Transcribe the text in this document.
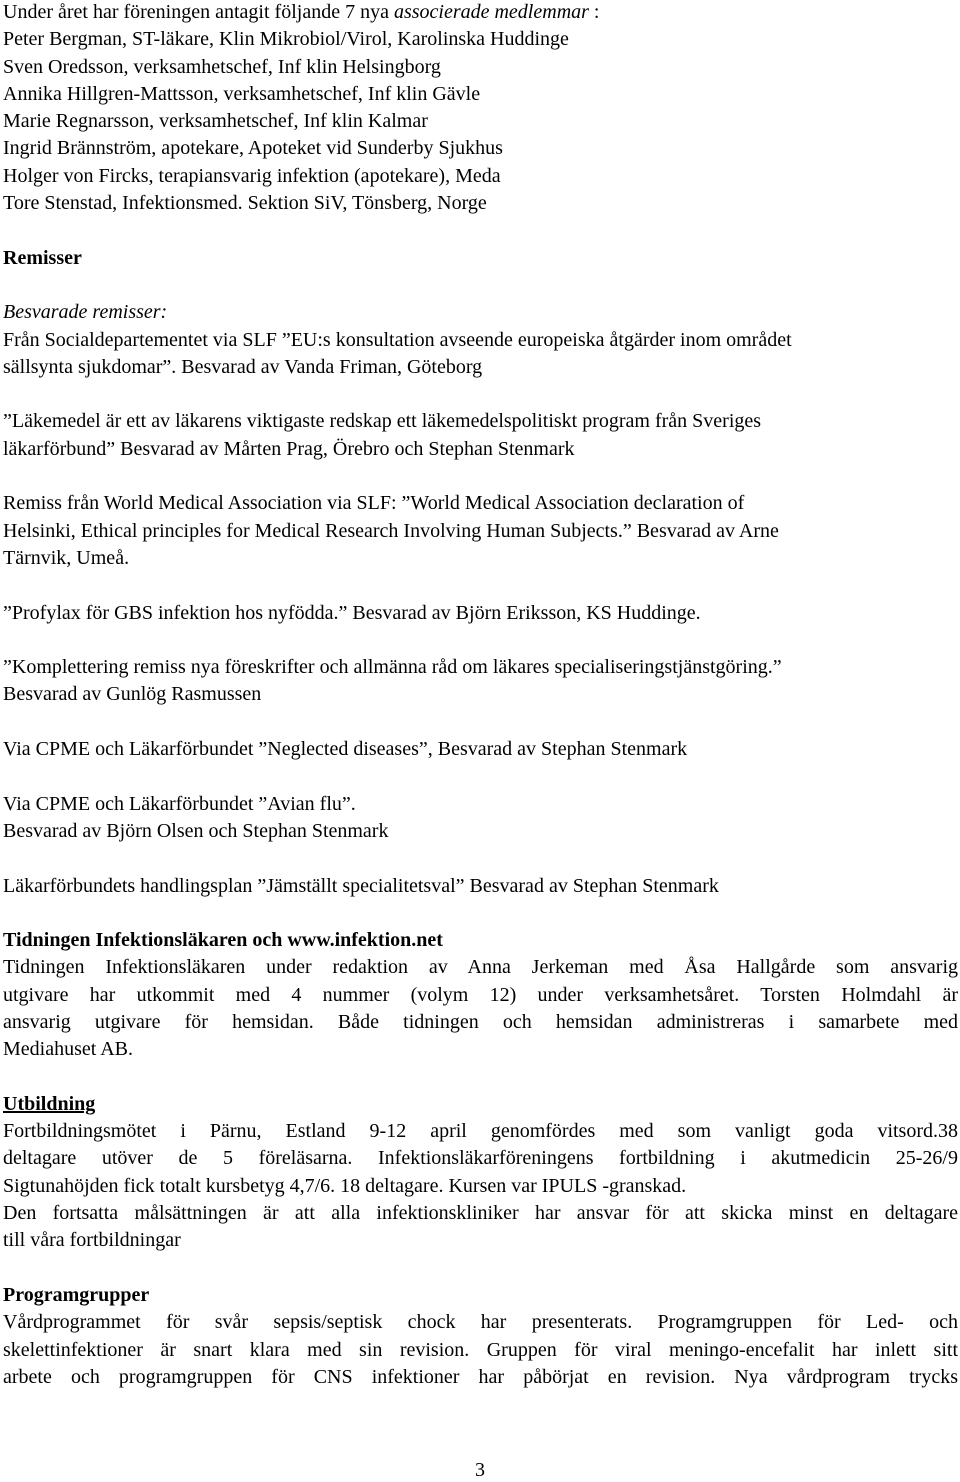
Under året har föreningen antagit följande 7 nya associerade medlemmar :
Peter Bergman, ST-läkare, Klin Mikrobiol/Virol, Karolinska Huddinge
Sven Oredsson, verksamhetschef, Inf klin Helsingborg
Annika Hillgren-Mattsson, verksamhetschef, Inf klin Gävle
Marie Regnarsson, verksamhetschef, Inf klin Kalmar
Ingrid Brännström, apotekare, Apoteket vid Sunderby Sjukhus
Holger von Fircks, terapiansvarig infektion (apotekare), Meda
Tore Stenstad, Infektionsmed. Sektion SiV, Tönsberg, Norge
Remisser
Besvarade remisser:
Från Socialdepartementet via SLF ”EU:s konsultation avseende europeiska åtgärder inom området
sällsynta sjukdomar”. Besvarad av Vanda Friman, Göteborg
”Läkemedel är ett av läkarens viktigaste redskap ett läkemedelspolitiskt program från Sveriges
läkarförbund” Besvarad av Mårten Prag, Örebro och Stephan Stenmark
Remiss från World Medical Association via SLF: ”World Medical Association declaration of
Helsinki, Ethical principles for Medical Research Involving Human Subjects.” Besvarad av Arne
Tärnvik, Umeå.
”Profylax för GBS infektion hos nyfödda.” Besvarad av Björn Eriksson, KS Huddinge.
”Komplettering remiss nya föreskrifter och allmänna råd om läkares specialiseringstjänstgöring.”
Besvarad av Gunlög Rasmussen
Via CPME och Läkarförbundet ”Neglected diseases”, Besvarad av Stephan Stenmark
Via CPME och Läkarförbundet ”Avian flu”.
Besvarad av Björn Olsen och Stephan Stenmark
Läkarförbundets handlingsplan ”Jämställt specialitetsval” Besvarad av Stephan Stenmark
Tidningen Infektionsläkaren och www.infektion.net
Tidningen Infektionsläkaren under redaktion av Anna Jerkeman med Åsa Hallgårde som ansvarig
utgivare har utkommit med 4 nummer (volym 12) under verksamhetsåret. Torsten Holmdahl är
ansvarig utgivare för hemsidan. Både tidningen och hemsidan administreras i samarbete med
Mediahuset AB.
Utbildning
Fortbildningsmötet i Pärnu, Estland 9-12 april genomfördes med som vanligt goda vitsord.38
deltagare utöver de 5 föreläsarna. Infektionsläkarföreningens fortbildning i akutmedicin 25-26/9
Sigtunahöjden fick totalt kursbetyg 4,7/6. 18 deltagare. Kursen var IPULS -granskad.
Den fortsatta målsättningen är att alla infektionskliniker har ansvar för att skicka minst en deltagare
till våra fortbildningar
Programgrupper
Vårdprogrammet för svår sepsis/septisk chock har presenterats. Programgruppen för Led- och
skelettinfektioner är snart klara med sin revision. Gruppen för viral meningo-encefalit har inlett sitt
arbete och programgruppen för CNS infektioner har påbörjat en revision. Nya vårdprogram trycks
3
